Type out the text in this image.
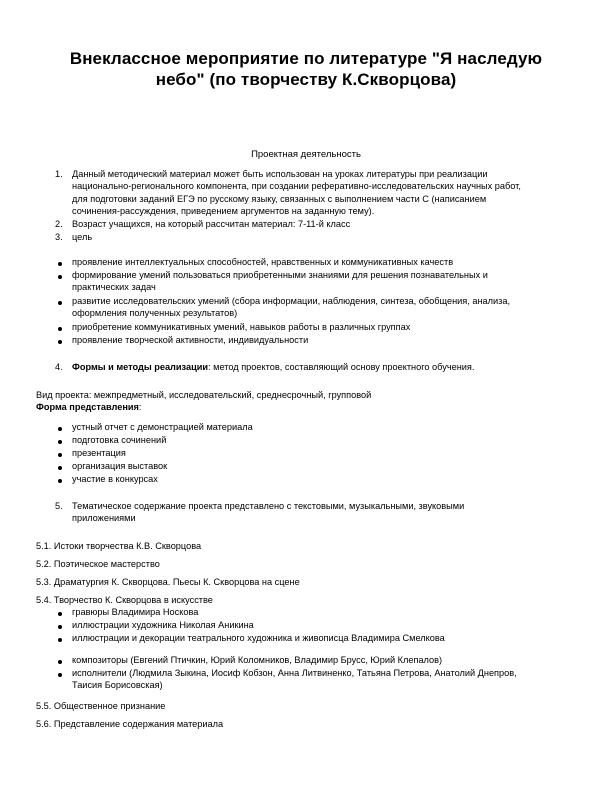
Внеклассное мероприятие по литературе "Я наследую
небо" (по творчеству К.Скворцова)
Проектная деятельность
1. Данный методический материал может быть использован на уроках литературы при реализации
национально-регионального компонента, при создании реферативно-исследовательских научных работ,
для подготовки заданий ЕГЭ по русскому языку, связанных с выполнением части С (написанием
сочинения-рассуждения, приведением аргументов на заданную тему).
2. Возраст учащихся, на который рассчитан материал: 7-11-й класс
3. цель
проявление интеллектуальных способностей, нравственных и коммуникативных качеств
формирование умений пользоваться приобретенными знаниями для решения познавательных и
практических задач
развитие исследовательских умений (сбора информации, наблюдения, синтеза, обобщения, анализа,
оформления полученных результатов)
приобретение коммуникативных умений, навыков работы в различных группах
проявление творческой активности, индивидуальности
4. Формы и методы реализации: метод проектов, составляющий основу проектного обучения.
Вид проекта: межпредметный, исследовательский, среднесрочный, групповой
Форма представления:
устный отчет с демонстрацией материала
подготовка сочинений
презентация
организация выставок
участие в конкурсах
5. Тематическое содержание проекта представлено с текстовыми, музыкальными, звуковыми
приложениями
5.1. Истоки творчества К.В. Скворцова
5.2. Поэтическое мастерство
5.3. Драматургия К. Скворцова. Пьесы К. Скворцова на сцене
5.4. Творчество К. Скворцова в искусстве
гравюры Владимира Носкова
иллюстрации художника Николая Аникина
иллюстрации и декорации театрального художника и живописца Владимира Смелкова
композиторы (Евгений Птичкин, Юрий Коломников, Владимир Брусс, Юрий Клепалов)
исполнители (Людмила Зыкина, Иосиф Кобзон, Анна Литвиненко, Татьяна Петрова, Анатолий Днепров,
Таисия Борисовская)
5.5. Общественное признание
5.6. Представление содержания материала
